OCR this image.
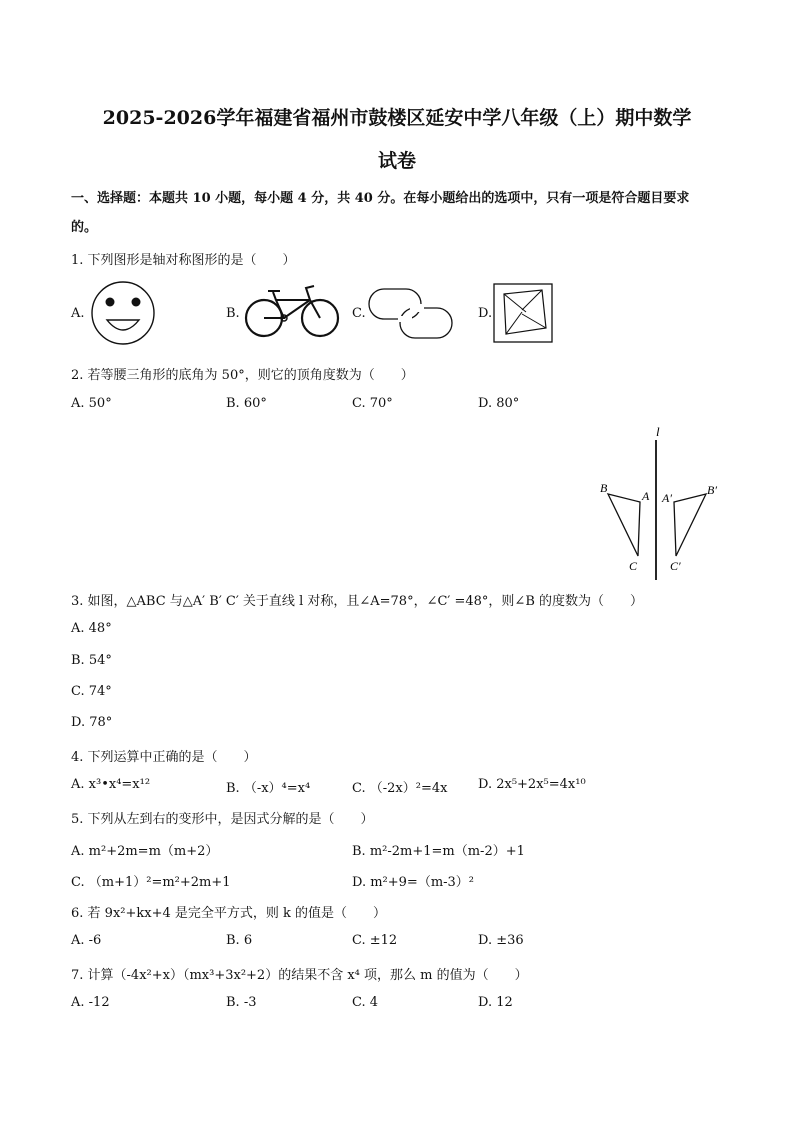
2025-2026学年福建省福州市鼓楼区延安中学八年级（上）期中数学
试卷
一、选择题：本题共 10 小题，每小题 4 分，共 40 分。在每小题给出的选项中，只有一项是符合题目要求
的。
1. 下列图形是轴对称图形的是（　　）
A.	B.	C.	D.
2. 若等腰三角形的底角为 50°，则它的顶角度数为（　　）
A. 50°	B. 60°	C. 70°	D. 80°
l
B
A
C
A′
B′
C′
3. 如图，△ABC 与△A′ B′ C′ 关于直线 l 对称，且∠A=78°，∠C′ =48°，则∠B 的度数为（　　）
A. 48°
B. 54°
C. 74°
D. 78°
4. 下列运算中正确的是（　　）
A. x³•x⁴=x¹²	B. （-x）⁴=x⁴	C. （-2x）²=4x D. 2x⁵+2x⁵=4x¹⁰
5. 下列从左到右的变形中，是因式分解的是（　　）
A. m²+2m=m（m+2）	B. m²-2m+1=m（m-2）+1
C. （m+1）²=m²+2m+1	D. m²+9=（m-3）²
6. 若 9x²+kx+4 是完全平方式，则 k 的值是（　　）
A. -6	B. 6	C. ±12	D. ±36
7. 计算（-4x²+x）（mx³+3x²+2）的结果不含 x⁴ 项，那么 m 的值为（　　）
A. -12	B. -3	C. 4	D. 12
